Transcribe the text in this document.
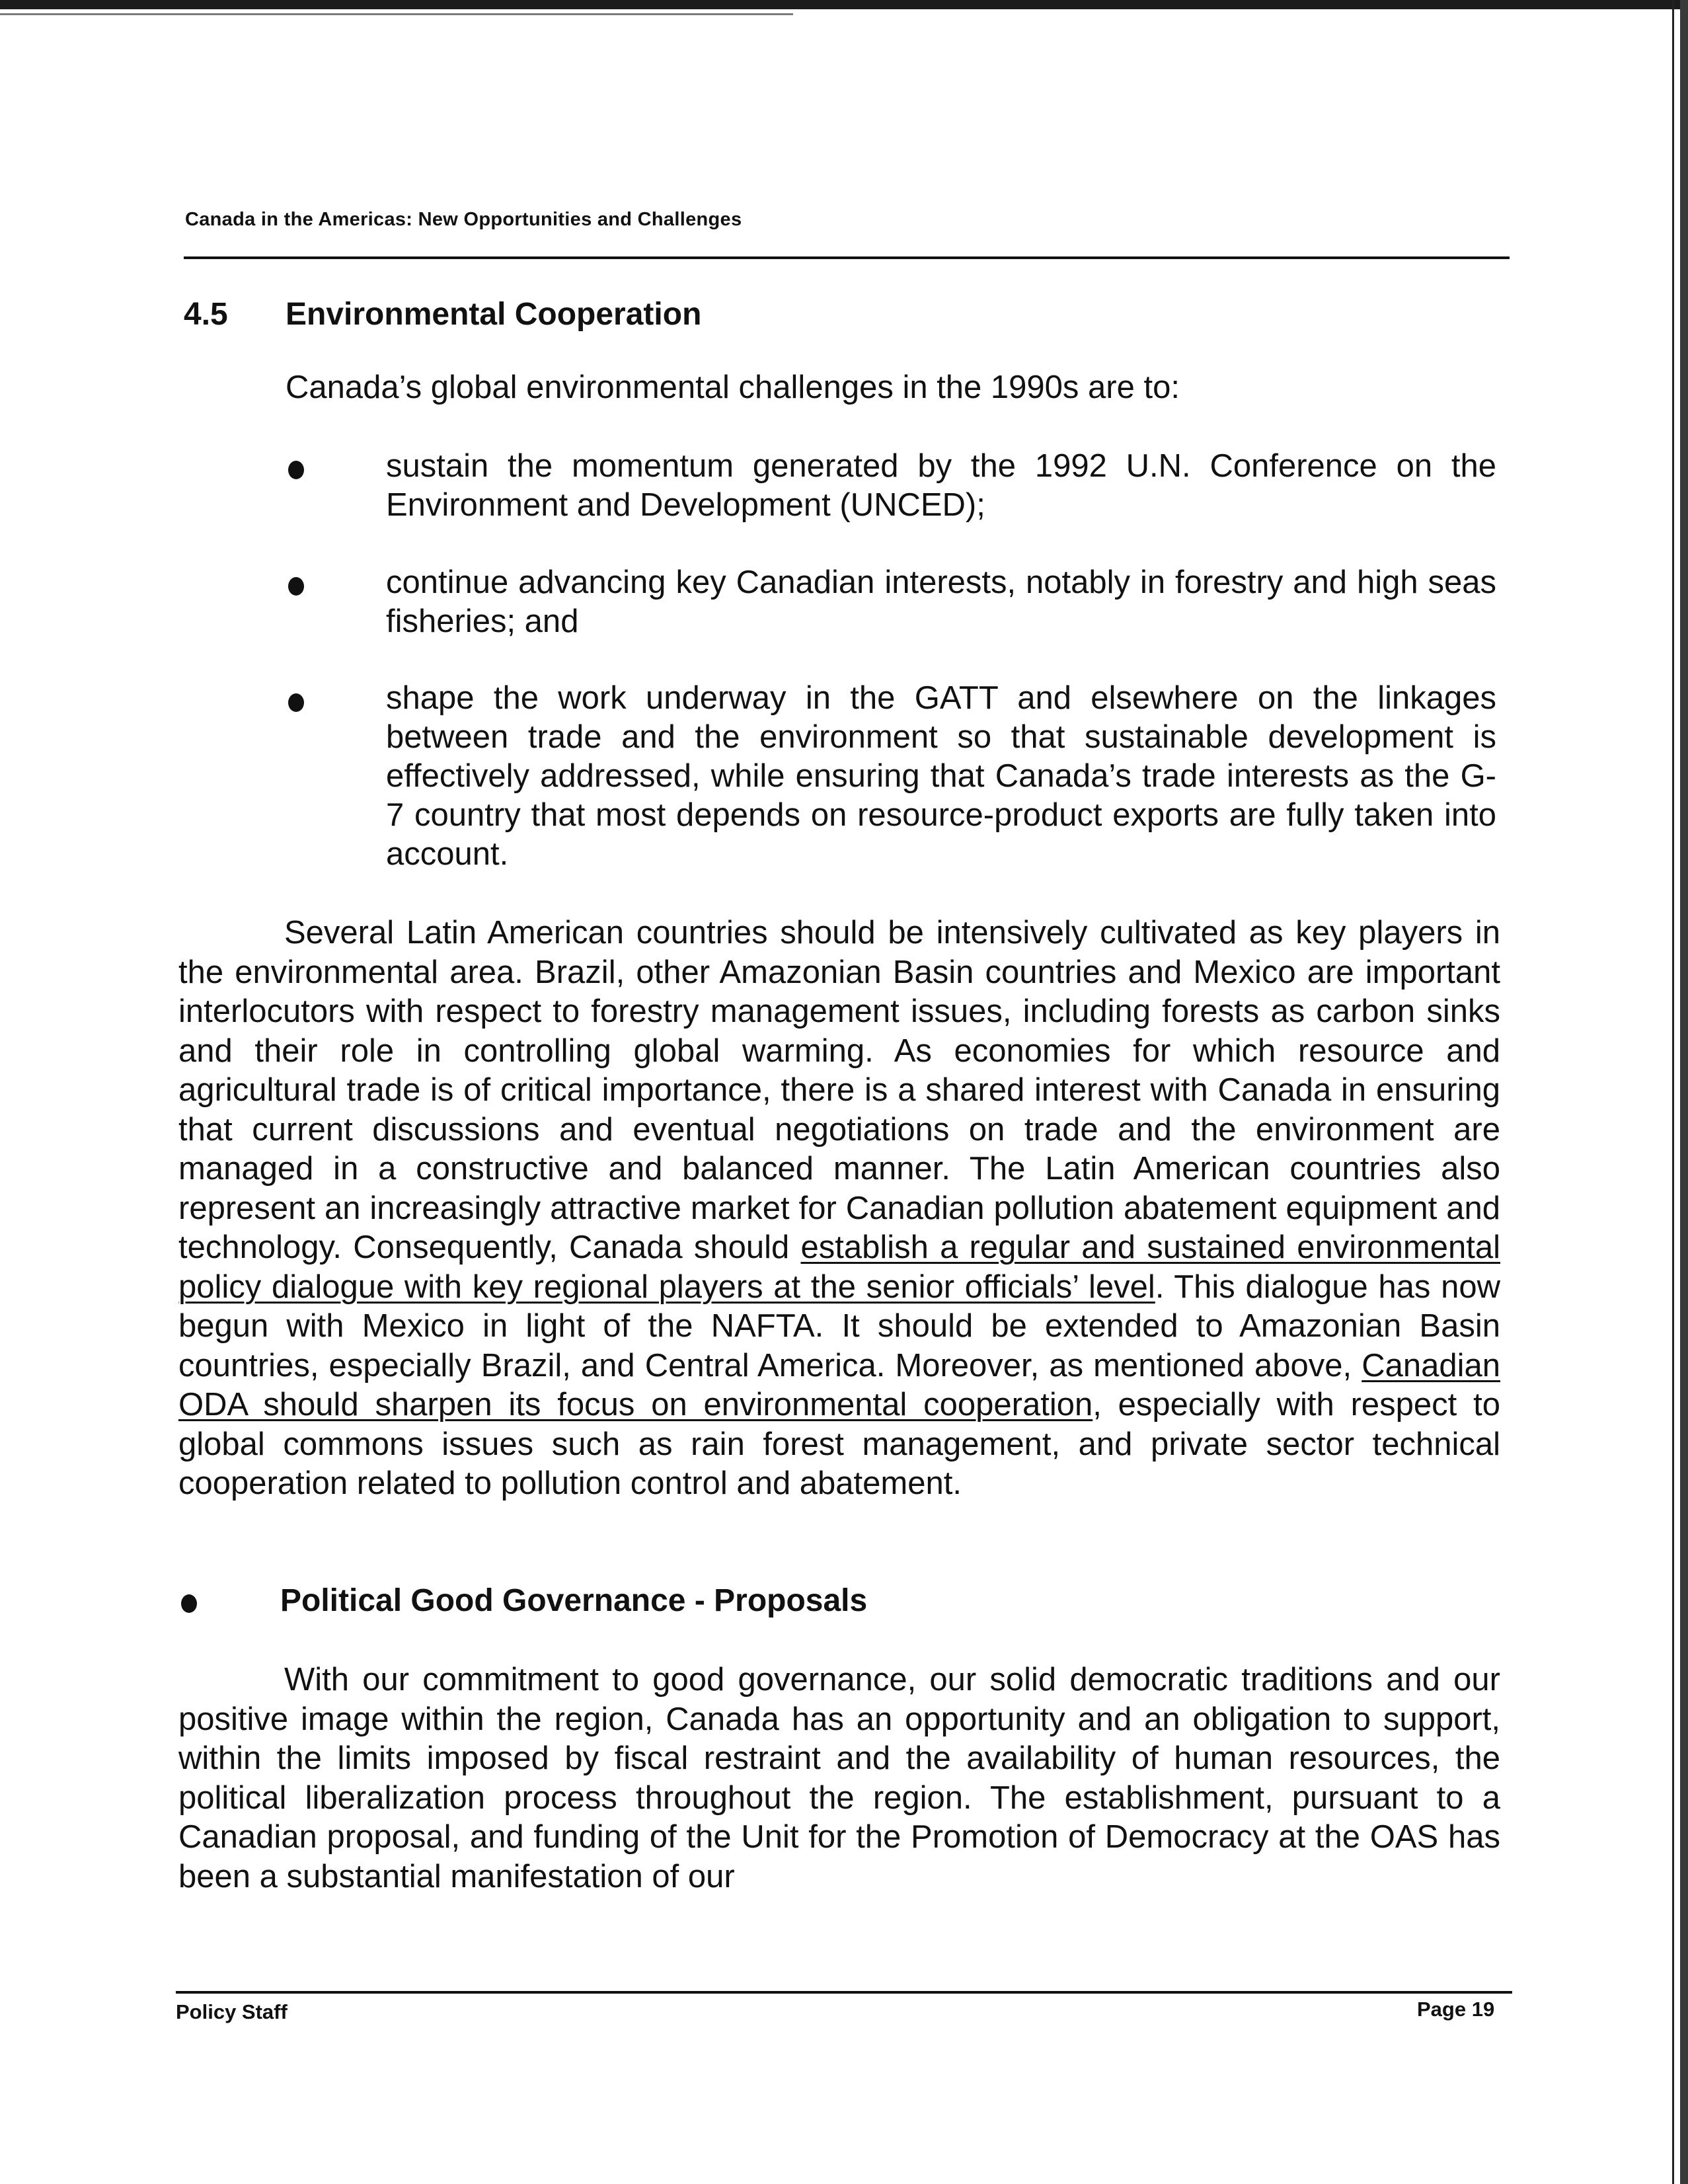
Canada in the Americas: New Opportunities and Challenges
4.5 Environmental Cooperation
Canada’s global environmental challenges in the 1990s are to:
sustain the momentum generated by the 1992 U.N. Conference on the Environment and Development (UNCED);
continue advancing key Canadian interests, notably in forestry and high seas fisheries; and
shape the work underway in the GATT and elsewhere on the linkages between trade and the environment so that sustainable development is effectively addressed, while ensuring that Canada’s trade interests as the G-7 country that most depends on resource-product exports are fully taken into account.
Several Latin American countries should be intensively cultivated as key players in the environmental area. Brazil, other Amazonian Basin countries and Mexico are important interlocutors with respect to forestry management issues, including forests as carbon sinks and their role in controlling global warming. As economies for which resource and agricultural trade is of critical importance, there is a shared interest with Canada in ensuring that current discussions and eventual negotiations on trade and the environment are managed in a constructive and balanced manner. The Latin American countries also represent an increasingly attractive market for Canadian pollution abatement equipment and technology. Consequently, Canada should establish a regular and sustained environmental policy dialogue with key regional players at the senior officials’ level. This dialogue has now begun with Mexico in light of the NAFTA. It should be extended to Amazonian Basin countries, especially Brazil, and Central America. Moreover, as mentioned above, Canadian ODA should sharpen its focus on environmental cooperation, especially with respect to global commons issues such as rain forest management, and private sector technical cooperation related to pollution control and abatement.
Political Good Governance - Proposals
With our commitment to good governance, our solid democratic traditions and our positive image within the region, Canada has an opportunity and an obligation to support, within the limits imposed by fiscal restraint and the availability of human resources, the political liberalization process throughout the region. The establishment, pursuant to a Canadian proposal, and funding of the Unit for the Promotion of Democracy at the OAS has been a substantial manifestation of our
Policy Staff	Page 19
